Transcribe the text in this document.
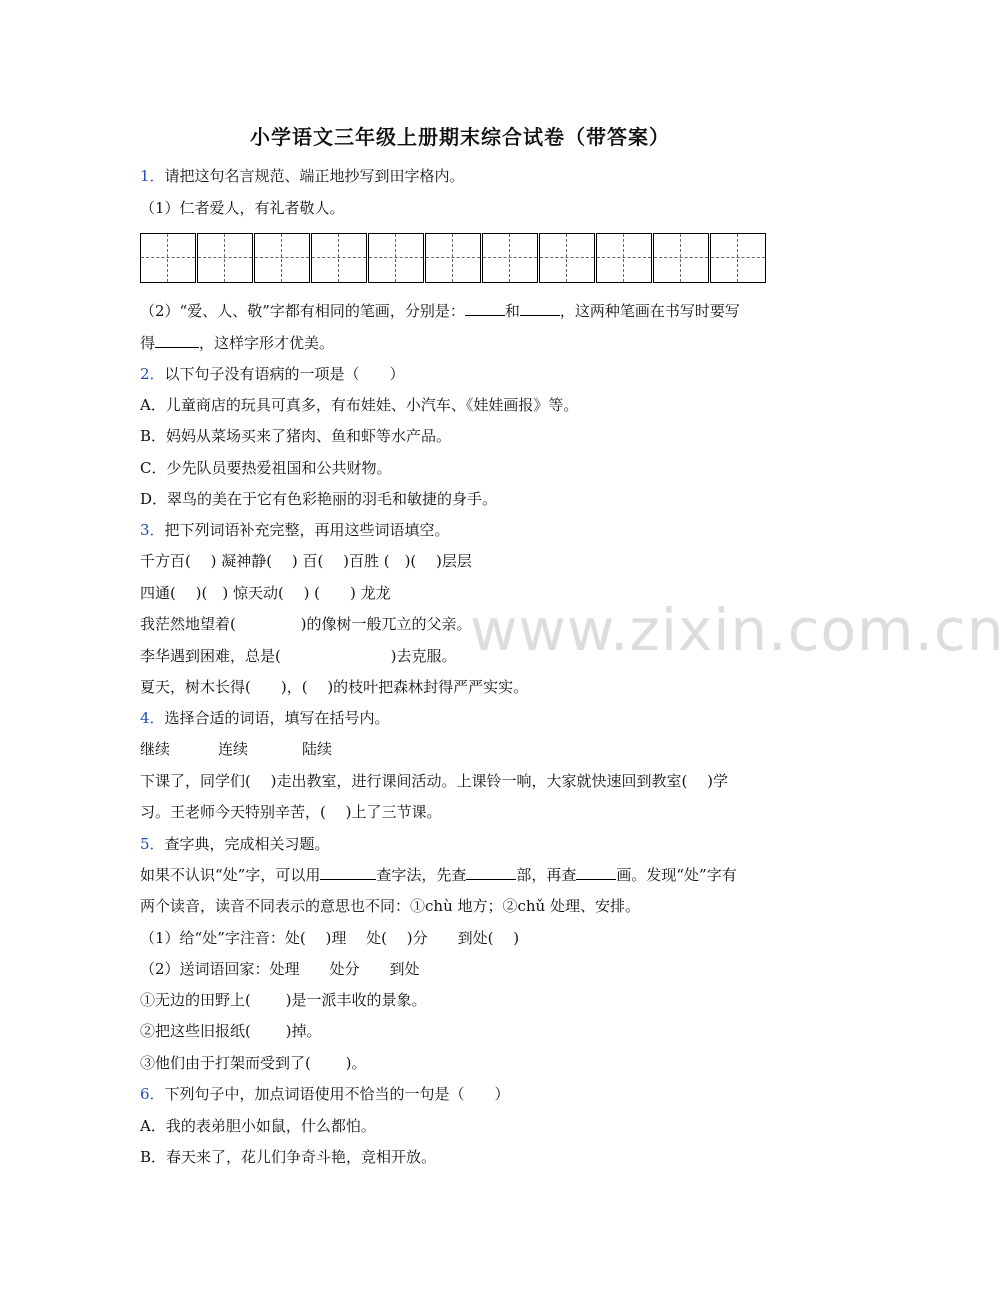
小学语文三年级上册期末综合试卷（带答案）
1．请把这句名言规范、端正地抄写到田字格内。
（1）仁者爱人，有礼者敬人。
（2）“爱、人、敬”字都有相同的笔画，分别是：	和	，这两种笔画在书写时要写
得	，这样字形才优美。
2．以下句子没有语病的一项是（　　）
A．儿童商店的玩具可真多，有布娃娃、小汽车、《娃娃画报》等。
B．妈妈从菜场买来了猪肉、鱼和虾等水产品。
C．少先队员要热爱祖国和公共财物。
D．翠鸟的美在于它有色彩艳丽的羽毛和敏捷的身手。
3．把下列词语补充完整，再用这些词语填空。
千方百(　 ) 凝神静(　 ) 百(　 )百胜 (　)(　 )层层
四通(　 )(　) 惊天动(　 ) (　　) 龙龙
我茫然地望着(　　　　 )的像树一般兀立的父亲。
李华遇到困难，总是(　　　　　　　 )去克服。
夏天，树木长得(　　)，(　 )的枝叶把森林封得严严实实。
4．选择合适的词语，填写在括号内。
继续	连续	陆续
下课了，同学们(　 )走出教室，进行课间活动。上课铃一响，大家就快速回到教室(　 )学
习。王老师今天特别辛苦，(　 )上了三节课。
5．查字典，完成相关习题。
如果不认识“处”字，可以用	查字法，先查	部，再查	画。发现“处”字有
两个读音，读音不同表示的意思也不同：①chù 地方；②chǔ 处理、安排。
（1）给“处”字注音：处(　 )理　 处(　 )分　　到处(　 )
（2）送词语回家：处理　　处分　　到处
①无边的田野上(　　 )是一派丰收的景象。
②把这些旧报纸(　　 )掉。
③他们由于打架而受到了(　　 )。
6．下列句子中，加点词语使用不恰当的一句是（　　）
A．我的表弟胆小如鼠，什么都怕。
B．春天来了，花儿们争奇斗艳，竞相开放。
www.zixin.com.cn
